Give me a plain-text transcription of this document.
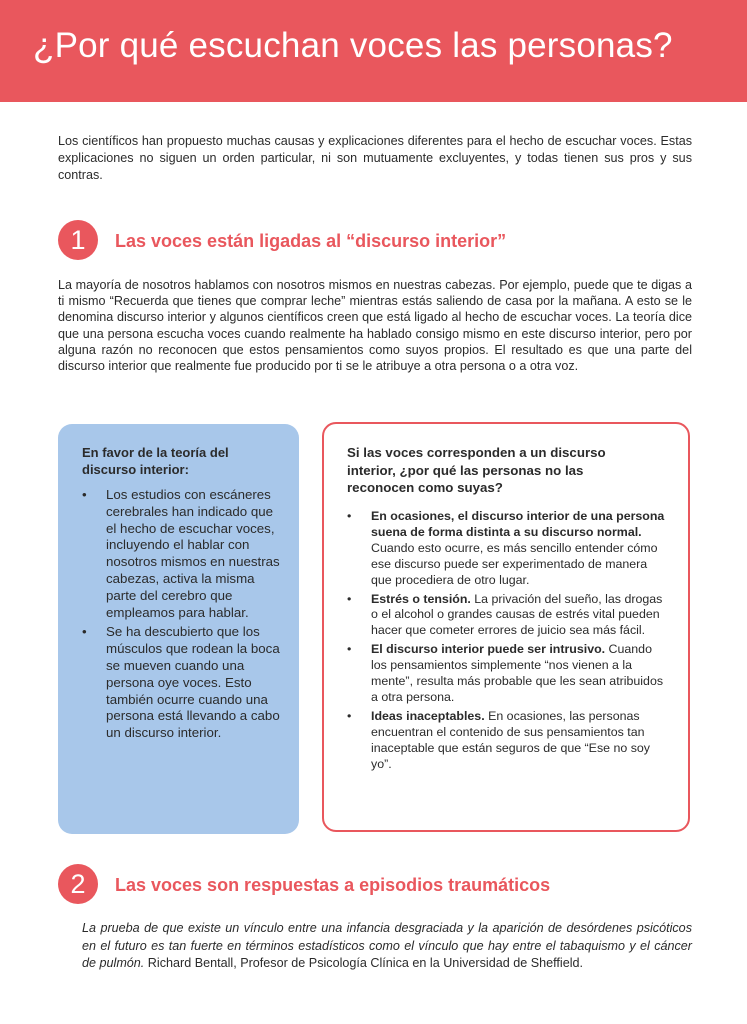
¿Por qué escuchan voces las personas?

Los científicos han propuesto muchas causas y explicaciones diferentes para el hecho de escuchar voces. Estas explicaciones no siguen un orden particular, ni son mutuamente excluyentes, y todas tienen sus pros y sus contras.

1	Las voces están ligadas al “discurso interior”

La mayoría de nosotros hablamos con nosotros mismos en nuestras cabezas. Por ejemplo, puede que te digas a ti mismo “Recuerda que tienes que comprar leche” mientras estás saliendo de casa por la mañana. A esto se le denomina discurso interior y algunos científicos creen que está ligado al hecho de escuchar voces. La teoría dice que una persona escucha voces cuando realmente ha hablado consigo mismo en este discurso interior, pero por alguna razón no reconocen que estos pensamientos como suyos propios. El resultado es que una parte del discurso interior que realmente fue producido por ti se le atribuye a otra persona o a otra voz.

En favor de la teoría del discurso interior:
• Los estudios con escáneres cerebrales han indicado que el hecho de escuchar voces, incluyendo el hablar con nosotros mismos en nuestras cabezas, activa la misma parte del cerebro que empleamos para hablar.
• Se ha descubierto que los músculos que rodean la boca se mueven cuando una persona oye voces. Esto también ocurre cuando una persona está llevando a cabo un discurso interior.
Si las voces corresponden a un discurso interior, ¿por qué las personas no las reconocen como suyas?
• En ocasiones, el discurso interior de una persona suena de forma distinta a su discurso normal. Cuando esto ocurre, es más sencillo entender cómo ese discurso puede ser experimentado de manera que procediera de otro lugar.
• Estrés o tensión. La privación del sueño, las drogas o el alcohol o grandes causas de estrés vital pueden hacer que cometer errores de juicio sea más fácil.
• El discurso interior puede ser intrusivo. Cuando los pensamientos simplemente “nos vienen a la mente”, resulta más probable que les sean atribuidos a otra persona.
• Ideas inaceptables. En ocasiones, las personas encuentran el contenido de sus pensamientos tan inaceptable que están seguros de que “Ese no soy yo”.
2	Las voces son respuestas a episodios traumáticos

La prueba de que existe un vínculo entre una infancia desgraciada y la aparición de desórdenes psicóticos en el futuro es tan fuerte en términos estadísticos como el vínculo que hay entre el tabaquismo y el cáncer de pulmón. Richard Bentall, Profesor de Psicología Clínica en la Universidad de Sheffield.
